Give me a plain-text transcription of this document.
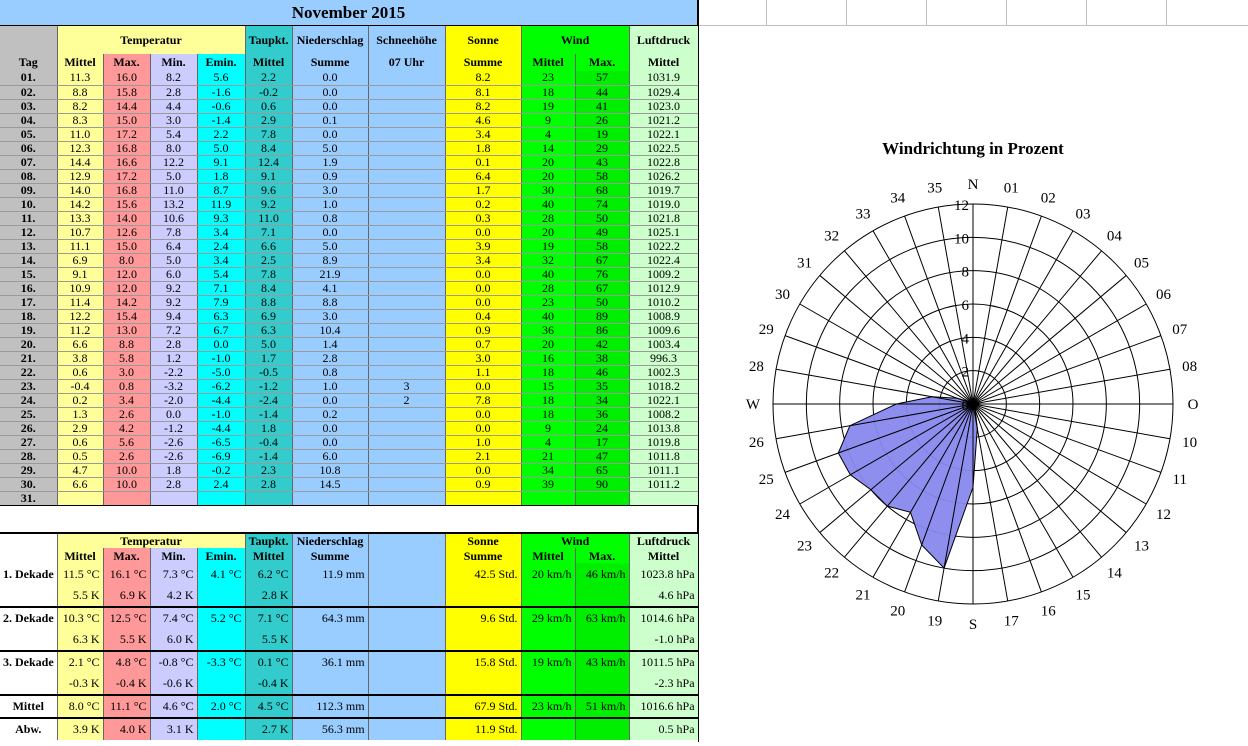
November 2015
	Temperatur				Taupkt.	Niederschlag	Schneehöhe	Sonne	Wind		Luftdruck
Tag	Mittel	Max.	Min.	Emin.	Mittel	Summe	07 Uhr	Summe	Mittel	Max.	Mittel
01.	11.3	16.0	8.2	5.6	2.2	0.0		8.2	23	57	1031.9
02.	8.8	15.8	2.8	-1.6	-0.2	0.0		8.1	18	44	1029.4
03.	8.2	14.4	4.4	-0.6	0.6	0.0		8.2	19	41	1023.0
04.	8.3	15.0	3.0	-1.4	2.9	0.1		4.6	9	26	1021.2
05.	11.0	17.2	5.4	2.2	7.8	0.0		3.4	4	19	1022.1
06.	12.3	16.8	8.0	5.0	8.4	5.0		1.8	14	29	1022.5
07.	14.4	16.6	12.2	9.1	12.4	1.9		0.1	20	43	1022.8
08.	12.9	17.2	5.0	1.8	9.1	0.9		6.4	20	58	1026.2
09.	14.0	16.8	11.0	8.7	9.6	3.0		1.7	30	68	1019.7
10.	14.2	15.6	13.2	11.9	9.2	1.0		0.2	40	74	1019.0
11.	13.3	14.0	10.6	9.3	11.0	0.8		0.3	28	50	1021.8
12.	10.7	12.6	7.8	3.4	7.1	0.0		0.0	20	49	1025.1
13.	11.1	15.0	6.4	2.4	6.6	5.0		3.9	19	58	1022.2
14.	6.9	8.0	5.0	3.4	2.5	8.9		3.4	32	67	1022.4
15.	9.1	12.0	6.0	5.4	7.8	21.9		0.0	40	76	1009.2
16.	10.9	12.0	9.2	7.1	8.4	4.1		0.0	28	67	1012.9
17.	11.4	14.2	9.2	7.9	8.8	8.8		0.0	23	50	1010.2
18.	12.2	15.4	9.4	6.3	6.9	3.0		0.4	40	89	1008.9
19.	11.2	13.0	7.2	6.7	6.3	10.4		0.9	36	86	1009.6
20.	6.6	8.8	2.8	0.0	5.0	1.4		0.7	20	42	1003.4
21.	3.8	5.8	1.2	-1.0	1.7	2.8		3.0	16	38	996.3
22.	0.6	3.0	-2.2	-5.0	-0.5	0.8		1.1	18	46	1002.3
23.	-0.4	0.8	-3.2	-6.2	-1.2	1.0	3	0.0	15	35	1018.2
24.	0.2	3.4	-2.0	-4.4	-2.4	0.0	2	7.8	18	34	1022.1
25.	1.3	2.6	0.0	-1.0	-1.4	0.2		0.0	18	36	1008.2
26.	2.9	4.2	-1.2	-4.4	1.8	0.0		0.0	9	24	1013.8
27.	0.6	5.6	-2.6	-6.5	-0.4	0.0		1.0	4	17	1019.8
28.	0.5	2.6	-2.6	-6.9	-1.4	6.0		2.1	21	47	1011.8
29.	4.7	10.0	1.8	-0.2	2.3	10.8		0.0	34	65	1011.1
30.	6.6	10.0	2.8	2.4	2.8	14.5		0.9	39	90	1011.2
31.											
	Temperatur				Taupkt.	Niederschlag		Sonne	Wind		Luftdruck
	Mittel	Max.	Min.	Emin.	Mittel	Summe		Summe	Mittel	Max.	Mittel
1. Dekade	11.5 °C	16.1 °C	7.3 °C	4.1 °C	6.2 °C	11.9 mm		42.5 Std.	20 km/h	46 km/h	1023.8 hPa
	5.5 K	6.9 K	4.2 K		2.8 K						4.6 hPa
2. Dekade	10.3 °C	12.5 °C	7.4 °C	5.2 °C	7.1 °C	64.3 mm		9.6 Std.	29 km/h	63 km/h	1014.6 hPa
	6.3 K	5.5 K	6.0 K		5.5 K						-1.0 hPa
3. Dekade	2.1 °C	4.8 °C	-0.8 °C	-3.3 °C	0.1 °C	36.1 mm		15.8 Std.	19 km/h	43 km/h	1011.5 hPa
	-0.3 K	-0.4 K	-0.6 K		-0.4 K						-2.3 hPa
Mittel	8.0 °C	11.1 °C	4.6 °C	2.0 °C	4.5 °C	112.3 mm		67.9 Std.	23 km/h	51 km/h	1016.6 hPa
Abw.	3.9 K	4.0 K	3.1 K		2.7 K	56.3 mm		11.9 Std.			0.5 hPa
Windrichtung in Prozent
0
2
4
6
8
10
12
01
02
03
04
05
06
07
08
10
11
12
13
14
15
16
17
19
20
21
22
23
24
25
26
28
29
30
31
32
33
34
35 N
O
S
W
